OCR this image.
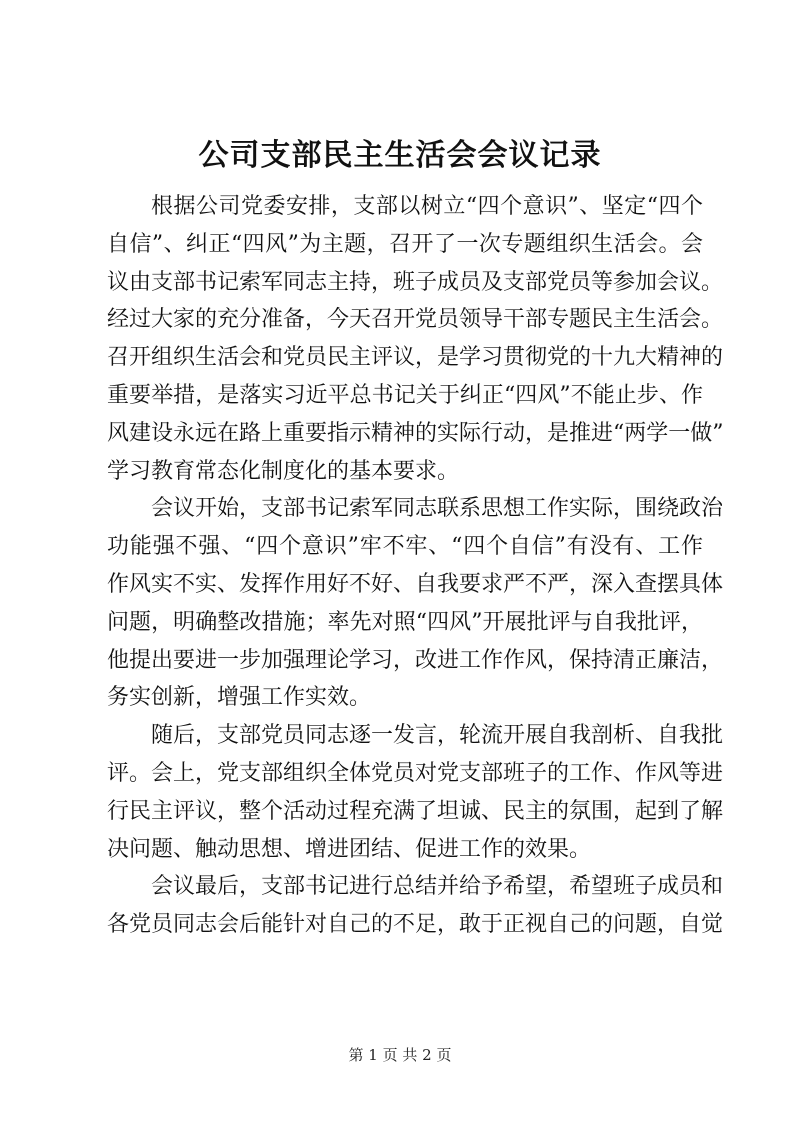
公司支部民主生活会会议记录
根据公司党委安排，支部以树立“四个意识”、坚定“四个
自信”、纠正“四风”为主题，召开了一次专题组织生活会。会
议由支部书记索军同志主持，班子成员及支部党员等参加会议。
经过大家的充分准备，今天召开党员领导干部专题民主生活会。
召开组织生活会和党员民主评议，是学习贯彻党的十九大精神的
重要举措，是落实习近平总书记关于纠正“四风”不能止步、作
风建设永远在路上重要指示精神的实际行动，是推进“两学一做”
学习教育常态化制度化的基本要求。
会议开始，支部书记索军同志联系思想工作实际，围绕政治
功能强不强、“四个意识”牢不牢、“四个自信”有没有、工作
作风实不实、发挥作用好不好、自我要求严不严，深入查摆具体
问题，明确整改措施；率先对照“四风”开展批评与自我批评，
他提出要进一步加强理论学习，改进工作作风，保持清正廉洁，
务实创新，增强工作实效。
随后，支部党员同志逐一发言，轮流开展自我剖析、自我批
评。会上，党支部组织全体党员对党支部班子的工作、作风等进
行民主评议，整个活动过程充满了坦诚、民主的氛围，起到了解
决问题、触动思想、增进团结、促进工作的效果。
会议最后，支部书记进行总结并给予希望，希望班子成员和
各党员同志会后能针对自己的不足，敢于正视自己的问题，自觉
第 1 页 共 2 页
